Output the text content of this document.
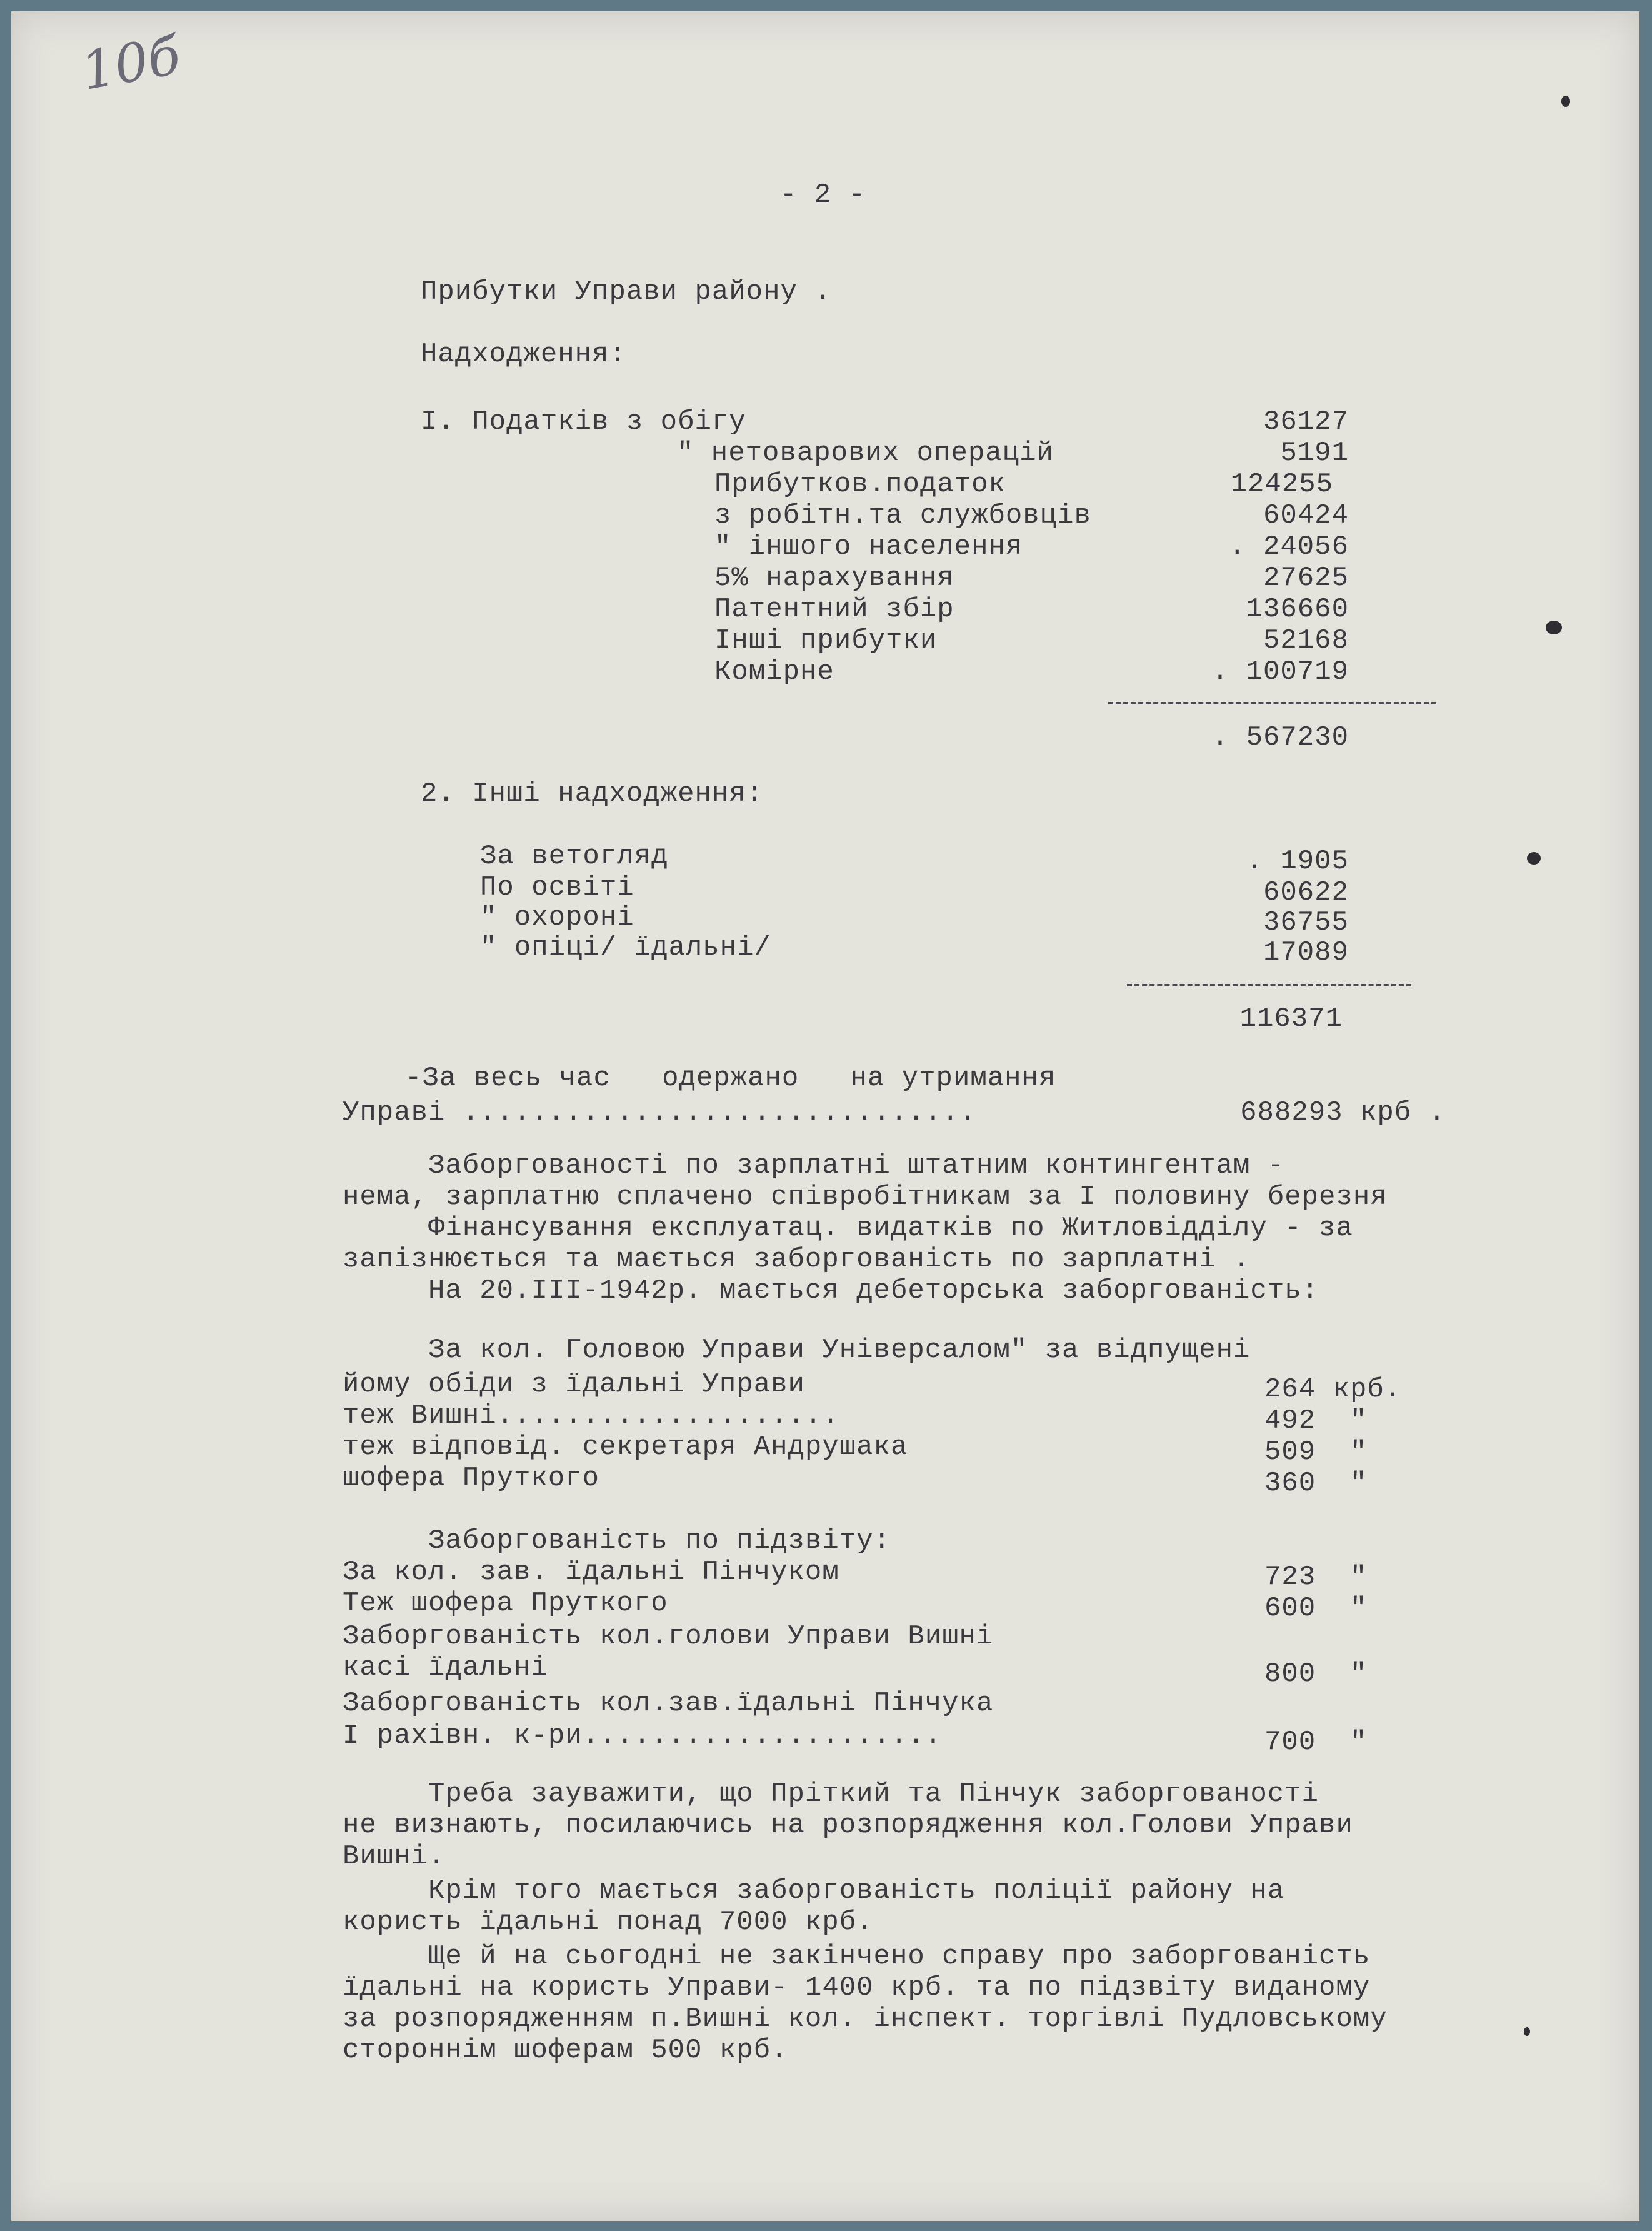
10б
- 2 -
Прибутки Управи району .
Надходження:
I. Податків з обігу	36127
" нетоварових операцій	5191
Прибутков.податок	124255
з робітн.та службовців	60424
" іншого населення	. 24056
5% нарахування	27625
Патентний збір	136660
Інші прибутки	52168
Комірне	. 100719
. 567230
2. Інші надходження:
За ветогляд	. 1905
По освіті	60622
" охороні	36755
" опіці/ їдальні/	17089
116371
-За весь час   одержано   на утримання
Управі ..............................	688293 крб .
Заборгованості по зарплатні штатним контингентам -
нема, зарплатню сплачено співробітникам за І половину березня
Фінансування експлуатац. видатків по Житловідділу - за
запізнюється та мається заборгованість по зарплатні .
На 20.III-1942р. мається дебеторська заборгованість:
За кол. Головою Управи Універсалом" за відпущені
йому обіди з їдальні Управи	264 крб.
теж Вишні....................	492  "
теж відповід. секретаря Андрушака	509  "
шофера Пруткого	360  "
Заборгованість по підзвіту:
За кол. зав. їдальні Пінчуком	723  "
Теж шофера Пруткого	600  "
Заборгованість кол.голови Управи Вишні
касі їдальні	800  "
Заборгованість кол.зав.їдальні Пінчука
І рахівн. к-ри.....................	700  "
Треба зауважити, що Пріткий та Пінчук заборгованості
не визнають, посилаючись на розпорядження кол.Голови Управи
Вишні.
Крім того мається заборгованість поліції району на
користь їдальні понад 7000 крб.
Ще й на сьогодні не закінчено справу про заборгованість
їдальні на користь Управи- 1400 крб. та по підзвіту виданому
за розпорядженням п.Вишні кол. інспект. торгівлі Пудловському
стороннім шоферам 500 крб.
